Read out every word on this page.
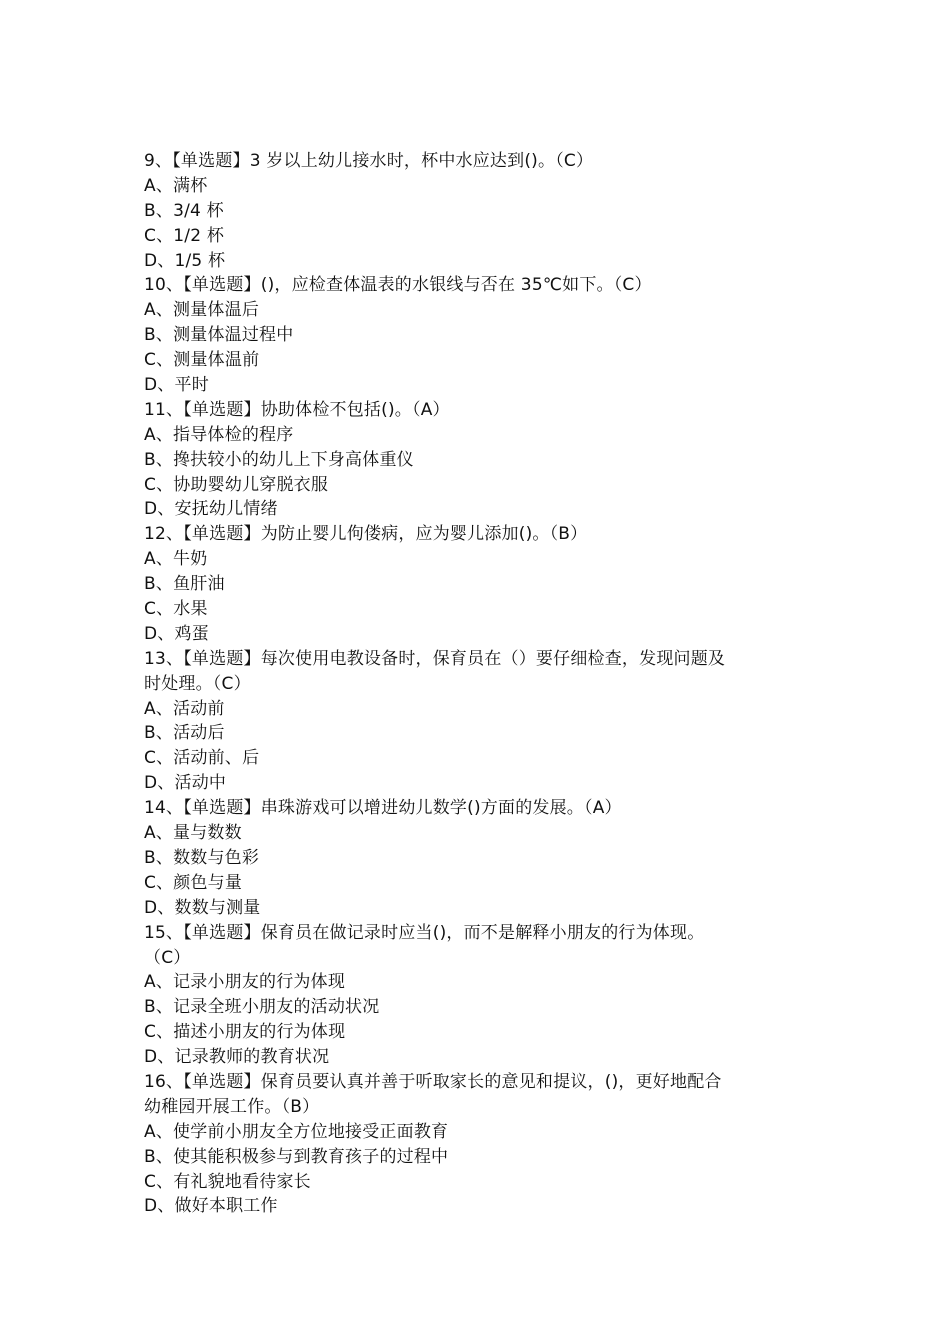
9、【单选题】3 岁以上幼儿接水时，杯中水应达到()。（C）
A、满杯
B、3/4 杯
C、1/2 杯
D、1/5 杯
10、【单选题】()，应检查体温表的水银线与否在 35℃如下。（C）
A、测量体温后
B、测量体温过程中
C、测量体温前
D、平时
11、【单选题】协助体检不包括()。（A）
A、指导体检的程序
B、搀扶较小的幼儿上下身高体重仪
C、协助婴幼儿穿脱衣服
D、安抚幼儿情绪
12、【单选题】为防止婴儿佝偻病，应为婴儿添加()。（B）
A、牛奶
B、鱼肝油
C、水果
D、鸡蛋
13、【单选题】每次使用电教设备时，保育员在（）要仔细检查，发现问题及
时处理。（C）
A、活动前
B、活动后
C、活动前、后
D、活动中
14、【单选题】串珠游戏可以增进幼儿数学()方面的发展。（A）
A、量与数数
B、数数与色彩
C、颜色与量
D、数数与测量
15、【单选题】保育员在做记录时应当()，而不是解释小朋友的行为体现。
（C）
A、记录小朋友的行为体现
B、记录全班小朋友的活动状况
C、描述小朋友的行为体现
D、记录教师的教育状况
16、【单选题】保育员要认真并善于听取家长的意见和提议，()，更好地配合
幼稚园开展工作。（B）
A、使学前小朋友全方位地接受正面教育
B、使其能积极参与到教育孩子的过程中
C、有礼貌地看待家长
D、做好本职工作
